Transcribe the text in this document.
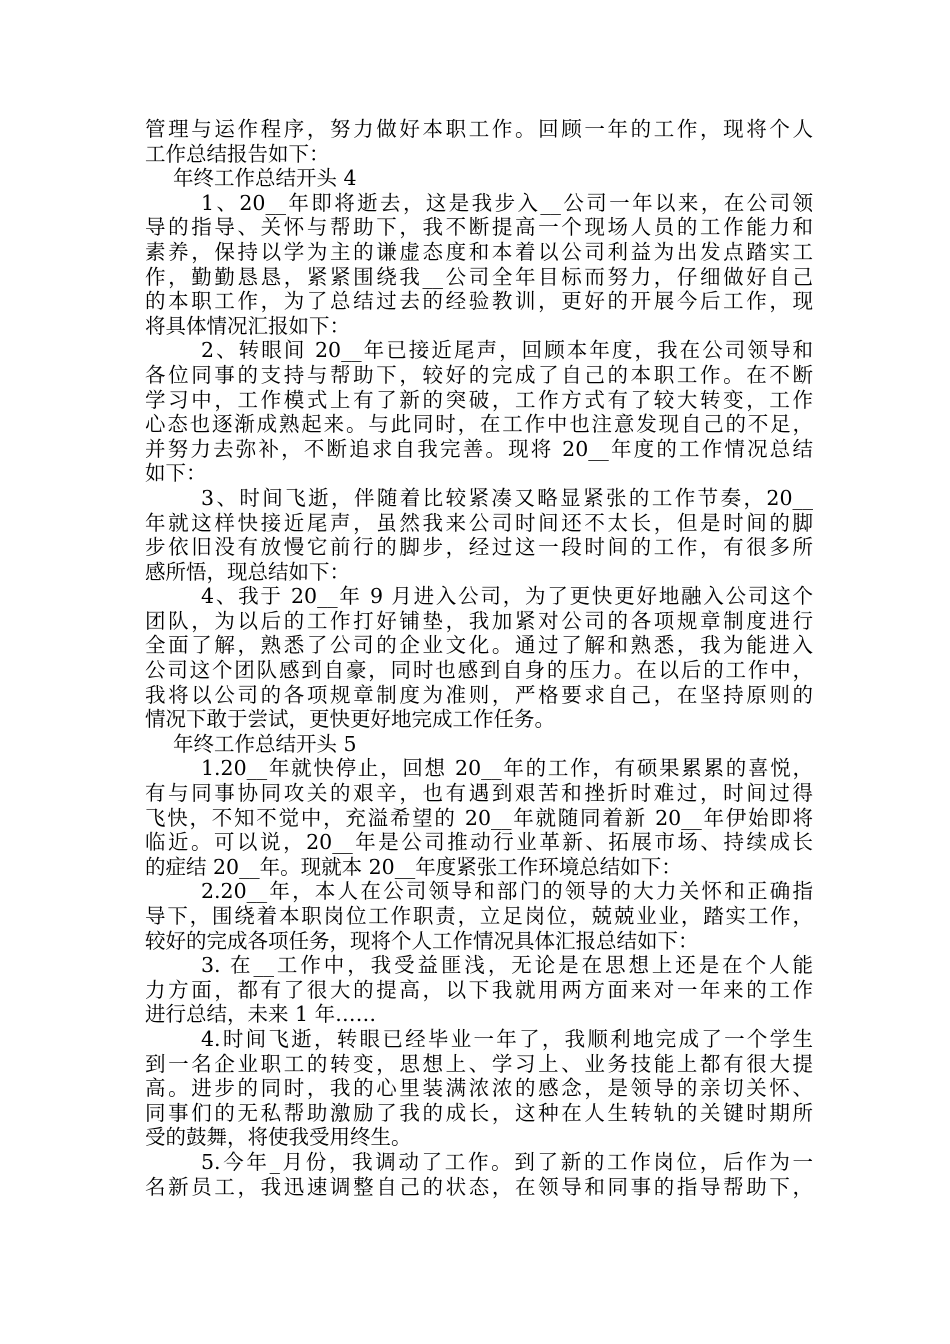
管理与运作程序，努力做好本职工作。回顾一年的工作，现将个人
工作总结报告如下：
年终工作总结开头 4
1、20__年即将逝去，这是我步入__公司一年以来，在公司领
导的指导、关怀与帮助下，我不断提高一个现场人员的工作能力和
素养，保持以学为主的谦虚态度和本着以公司利益为出发点踏实工
作，勤勤恳恳，紧紧围绕我__公司全年目标而努力，仔细做好自己
的本职工作，为了总结过去的经验教训，更好的开展今后工作，现
将具体情况汇报如下：
2、转眼间 20__年已接近尾声，回顾本年度，我在公司领导和
各位同事的支持与帮助下，较好的完成了自己的本职工作。在不断
学习中，工作模式上有了新的突破，工作方式有了较大转变，工作
心态也逐渐成熟起来。与此同时，在工作中也注意发现自己的不足，
并努力去弥补，不断追求自我完善。现将 20__年度的工作情况总结
如下：
3、时间飞逝，伴随着比较紧凑又略显紧张的工作节奏，20__
年就这样快接近尾声，虽然我来公司时间还不太长，但是时间的脚
步依旧没有放慢它前行的脚步，经过这一段时间的工作，有很多所
感所悟，现总结如下：
4、我于 20__年 9 月进入公司，为了更快更好地融入公司这个
团队，为以后的工作打好铺垫，我加紧对公司的各项规章制度进行
全面了解，熟悉了公司的企业文化。通过了解和熟悉，我为能进入
公司这个团队感到自豪，同时也感到自身的压力。在以后的工作中，
我将以公司的各项规章制度为准则，严格要求自己，在坚持原则的
情况下敢于尝试，更快更好地完成工作任务。
年终工作总结开头 5
1.20__年就快停止，回想 20__年的工作，有硕果累累的喜悦，
有与同事协同攻关的艰辛，也有遇到艰苦和挫折时难过，时间过得
飞快，不知不觉中，充溢希望的 20__年就随同着新 20__年伊始即将
临近。可以说，20__年是公司推动行业革新、拓展市场、持续成长
的症结 20__年。现就本 20__年度紧张工作环境总结如下：
2.20__年，本人在公司领导和部门的领导的大力关怀和正确指
导下，围绕着本职岗位工作职责，立足岗位，兢兢业业，踏实工作，
较好的完成各项任务，现将个人工作情况具体汇报总结如下：
3. 在__工作中，我受益匪浅，无论是在思想上还是在个人能
力方面，都有了很大的提高，以下我就用两方面来对一年来的工作
进行总结，未来 1 年……
4.时间飞逝，转眼已经毕业一年了，我顺利地完成了一个学生
到一名企业职工的转变，思想上、学习上、业务技能上都有很大提
高。进步的同时，我的心里装满浓浓的感念，是领导的亲切关怀、
同事们的无私帮助激励了我的成长，这种在人生转轨的关键时期所
受的鼓舞，将使我受用终生。
5.今年_月份，我调动了工作。到了新的工作岗位，后作为一
名新员工，我迅速调整自己的状态，在领导和同事的指导帮助下，
